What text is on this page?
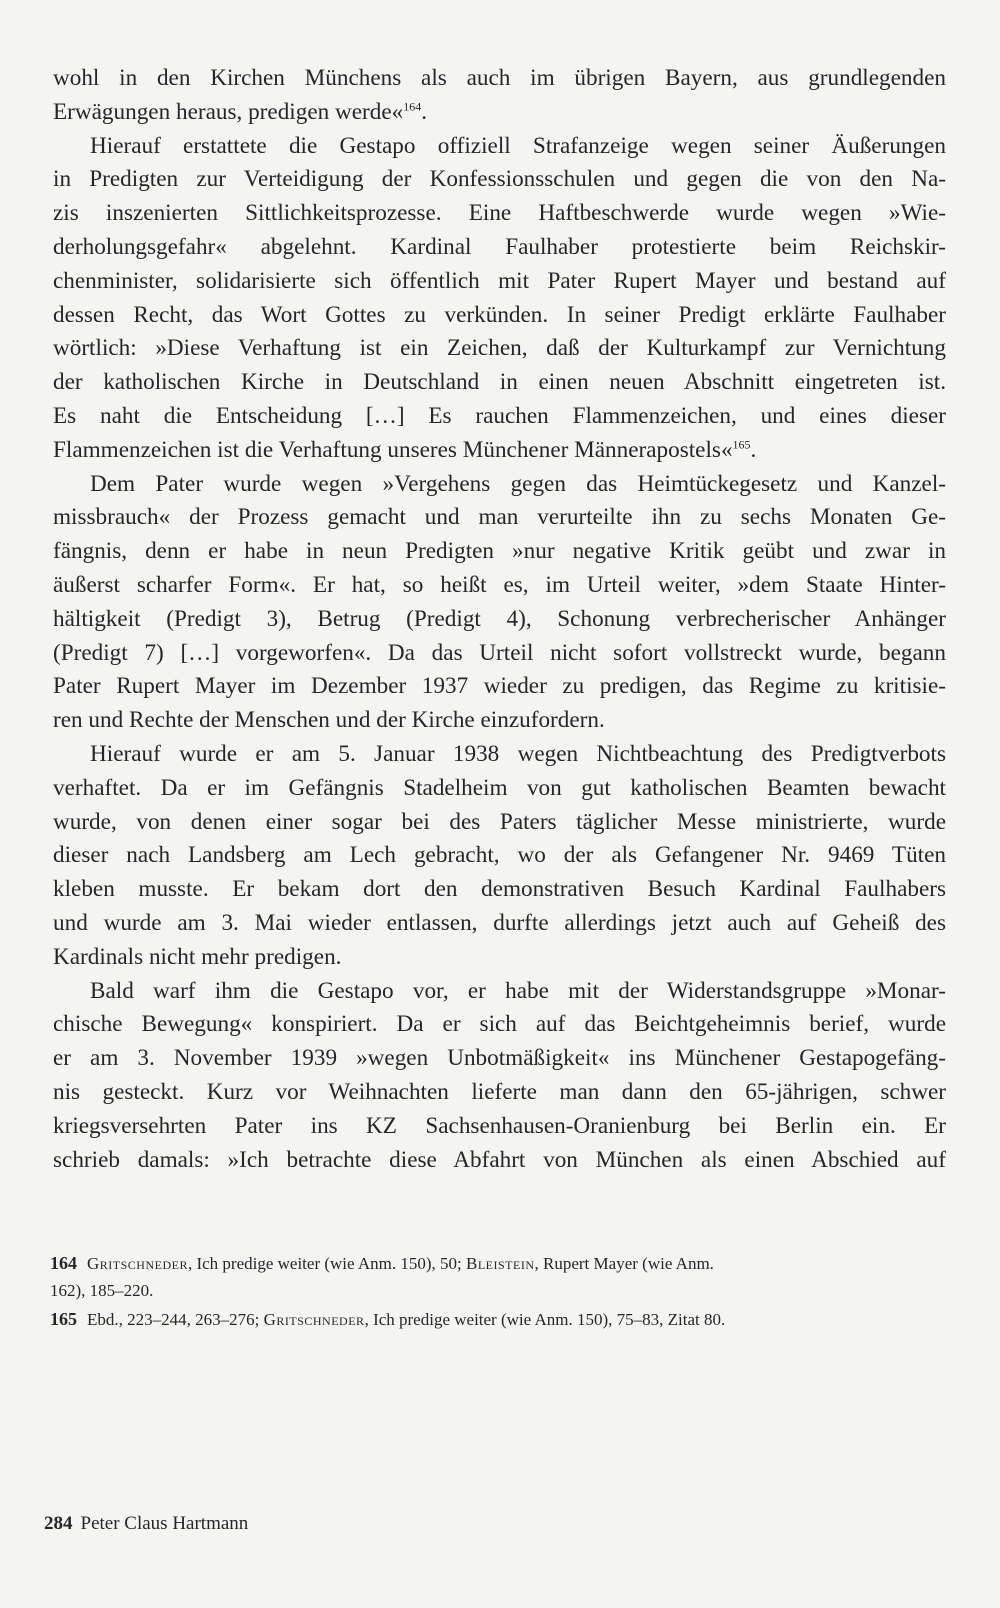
wohl in den Kirchen Münchens als auch im übrigen Bayern, aus grundlegenden
Erwägungen heraus, predigen werde«$^{164}$.
Hierauf erstattete die Gestapo offiziell Strafanzeige wegen seiner Äußerungen
in Predigten zur Verteidigung der Konfessionsschulen und gegen die von den Na-
zis inszenierten Sittlichkeitsprozesse. Eine Haftbeschwerde wurde wegen »Wie-
derholungsgefahr« abgelehnt. Kardinal Faulhaber protestierte beim Reichskir-
chenminister, solidarisierte sich öffentlich mit Pater Rupert Mayer und bestand auf
dessen Recht, das Wort Gottes zu verkünden. In seiner Predigt erklärte Faulhaber
wörtlich: »Diese Verhaftung ist ein Zeichen, daß der Kulturkampf zur Vernichtung
der katholischen Kirche in Deutschland in einen neuen Abschnitt eingetreten ist.
Es naht die Entscheidung […] Es rauchen Flammenzeichen, und eines dieser
Flammenzeichen ist die Verhaftung unseres Münchener Männerapostels«$^{165}$.
Dem Pater wurde wegen »Vergehens gegen das Heimtückegesetz und Kanzel-
missbrauch« der Prozess gemacht und man verurteilte ihn zu sechs Monaten Ge-
fängnis, denn er habe in neun Predigten »nur negative Kritik geübt und zwar in
äußerst scharfer Form«. Er hat, so heißt es, im Urteil weiter, »dem Staate Hinter-
hältigkeit (Predigt 3), Betrug (Predigt 4), Schonung verbrecherischer Anhänger
(Predigt 7) […] vorgeworfen«. Da das Urteil nicht sofort vollstreckt wurde, begann
Pater Rupert Mayer im Dezember 1937 wieder zu predigen, das Regime zu kritisie-
ren und Rechte der Menschen und der Kirche einzufordern.
Hierauf wurde er am 5. Januar 1938 wegen Nichtbeachtung des Predigtverbots
verhaftet. Da er im Gefängnis Stadelheim von gut katholischen Beamten bewacht
wurde, von denen einer sogar bei des Paters täglicher Messe ministrierte, wurde
dieser nach Landsberg am Lech gebracht, wo der als Gefangener Nr. 9469 Tüten
kleben musste. Er bekam dort den demonstrativen Besuch Kardinal Faulhabers
und wurde am 3. Mai wieder entlassen, durfte allerdings jetzt auch auf Geheiß des
Kardinals nicht mehr predigen.
Bald warf ihm die Gestapo vor, er habe mit der Widerstandsgruppe »Monar-
chische Bewegung« konspiriert. Da er sich auf das Beichtgeheimnis berief, wurde
er am 3. November 1939 »wegen Unbotmäßigkeit« ins Münchener Gestapogefäng-
nis gesteckt. Kurz vor Weihnachten lieferte man dann den 65-jährigen, schwer
kriegsversehrten Pater ins KZ Sachsenhausen-Oranienburg bei Berlin ein. Er
schrieb damals: »Ich betrachte diese Abfahrt von München als einen Abschied auf
164 Gritschneder, Ich predige weiter (wie Anm. 150), 50; Bleistein, Rupert Mayer (wie Anm.
162), 185–220.
165 Ebd., 223–244, 263–276; Gritschneder, Ich predige weiter (wie Anm. 150), 75–83, Zitat 80.
284 Peter Claus Hartmann
